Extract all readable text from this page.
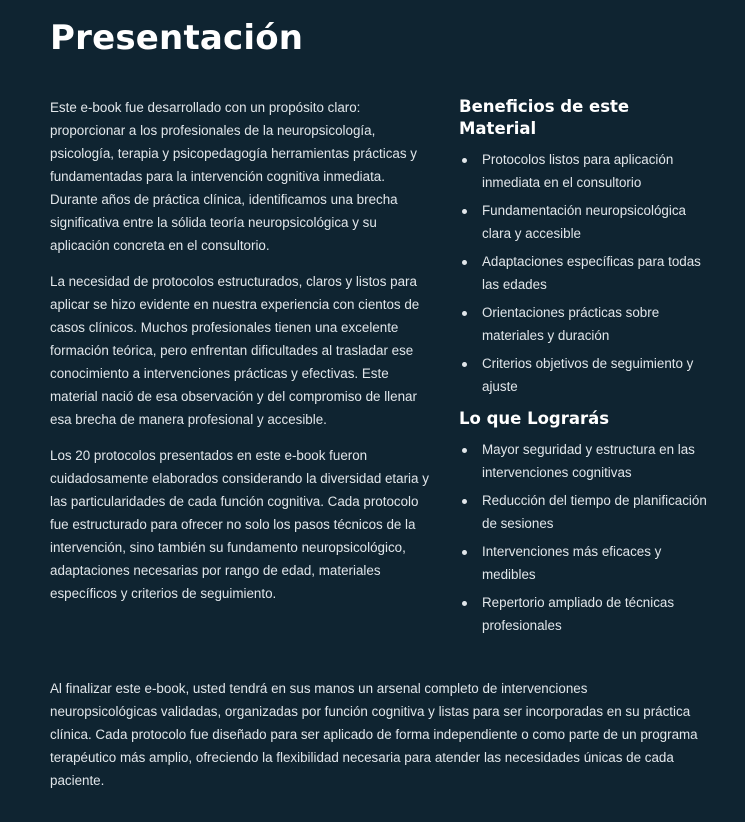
Presentación

Este e-book fue desarrollado con un propósito claro: proporcionar a los profesionales de la neuropsicología, psicología, terapia y psicopedagogía herramientas prácticas y fundamentadas para la intervención cognitiva inmediata. Durante años de práctica clínica, identificamos una brecha significativa entre la sólida teoría neuropsicológica y su aplicación concreta en el consultorio.

La necesidad de protocolos estructurados, claros y listos para aplicar se hizo evidente en nuestra experiencia con cientos de casos clínicos. Muchos profesionales tienen una excelente formación teórica, pero enfrentan dificultades al trasladar ese conocimiento a intervenciones prácticas y efectivas. Este material nació de esa observación y del compromiso de llenar esa brecha de manera profesional y accesible.

Los 20 protocolos presentados en este e-book fueron cuidadosamente elaborados considerando la diversidad etaria y las particularidades de cada función cognitiva. Cada protocolo fue estructurado para ofrecer no solo los pasos técnicos de la intervención, sino también su fundamento neuropsicológico, adaptaciones necesarias por rango de edad, materiales específicos y criterios de seguimiento.

Beneficios de este Material
Protocolos listos para aplicación inmediata en el consultorio
Fundamentación neuropsicológica clara y accesible
Adaptaciones específicas para todas las edades
Orientaciones prácticas sobre materiales y duración
Criterios objetivos de seguimiento y ajuste
Lo que Lograrás
Mayor seguridad y estructura en las intervenciones cognitivas
Reducción del tiempo de planificación de sesiones
Intervenciones más eficaces y medibles
Repertorio ampliado de técnicas profesionales

Al finalizar este e-book, usted tendrá en sus manos un arsenal completo de intervenciones neuropsicológicas validadas, organizadas por función cognitiva y listas para ser incorporadas en su práctica clínica. Cada protocolo fue diseñado para ser aplicado de forma independiente o como parte de un programa terapéutico más amplio, ofreciendo la flexibilidad necesaria para atender las necesidades únicas de cada paciente.
